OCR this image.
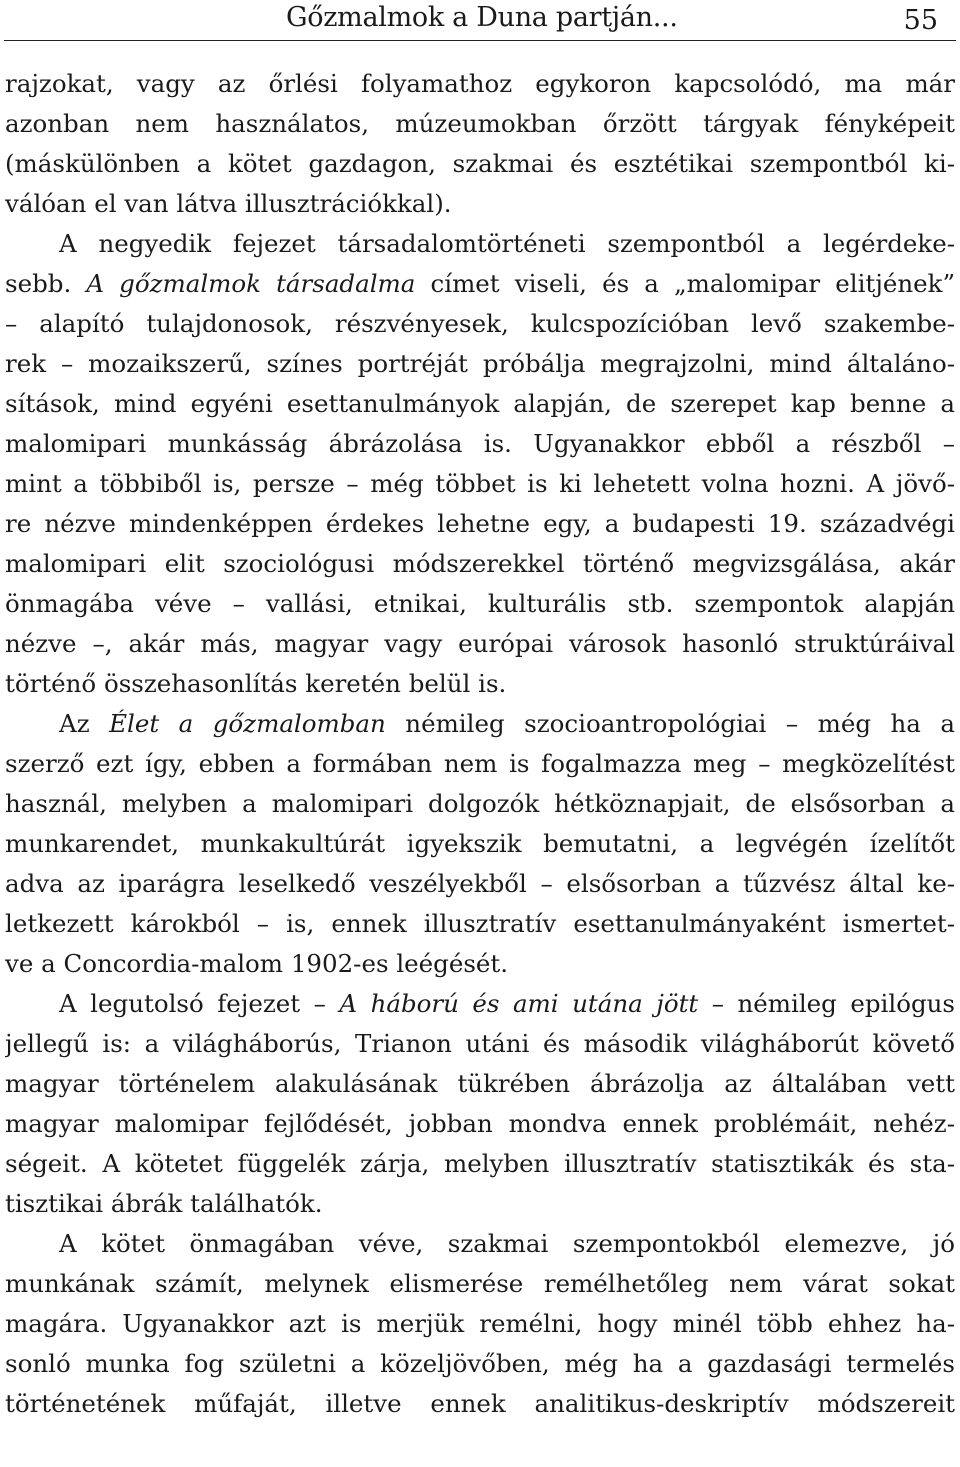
Gőzmalmok a Duna partján...	55
rajzokat, vagy az őrlési folyamathoz egykoron kapcsolódó, ma már
azonban nem használatos, múzeumokban őrzött tárgyak fényképeit
(máskülönben a kötet gazdagon, szakmai és esztétikai szempontból ki-
válóan el van látva illusztrációkkal).
A negyedik fejezet társadalomtörténeti szempontból a legérdeke-
sebb. A gőzmalmok társadalma címet viseli, és a „malomipar elitjének”
– alapító tulajdonosok, részvényesek, kulcspozícióban levő szakembe-
rek – mozaikszerű, színes portréját próbálja megrajzolni, mind általáno-
sítások, mind egyéni esettanulmányok alapján, de szerepet kap benne a
malomipari munkásság ábrázolása is. Ugyanakkor ebből a részből –
mint a többiből is, persze – még többet is ki lehetett volna hozni. A jövő-
re nézve mindenképpen érdekes lehetne egy, a budapesti 19. századvégi
malomipari elit szociológusi módszerekkel történő megvizsgálása, akár
önmagába véve – vallási, etnikai, kulturális stb. szempontok alapján
nézve –, akár más, magyar vagy európai városok hasonló struktúráival
történő összehasonlítás keretén belül is.
Az Élet a gőzmalomban némileg szocioantropológiai – még ha a
szerző ezt így, ebben a formában nem is fogalmazza meg – megközelítést
használ, melyben a malomipari dolgozók hétköznapjait, de elsősorban a
munkarendet, munkakultúrát igyekszik bemutatni, a legvégén ízelítőt
adva az iparágra leselkedő veszélyekből – elsősorban a tűzvész által ke-
letkezett károkból – is, ennek illusztratív esettanulmányaként ismertet-
ve a Concordia-malom 1902-es leégését.
A legutolsó fejezet – A háború és ami utána jött – némileg epilógus
jellegű is: a világháborús, Trianon utáni és második világháborút követő
magyar történelem alakulásának tükrében ábrázolja az általában vett
magyar malomipar fejlődését, jobban mondva ennek problémáit, nehéz-
ségeit. A kötetet függelék zárja, melyben illusztratív statisztikák és sta-
tisztikai ábrák találhatók.
A kötet önmagában véve, szakmai szempontokból elemezve, jó
munkának számít, melynek elismerése remélhetőleg nem várat sokat
magára. Ugyanakkor azt is merjük remélni, hogy minél több ehhez ha-
sonló munka fog születni a közeljövőben, még ha a gazdasági termelés
történetének műfaját, illetve ennek analitikus-deskriptív módszereit
